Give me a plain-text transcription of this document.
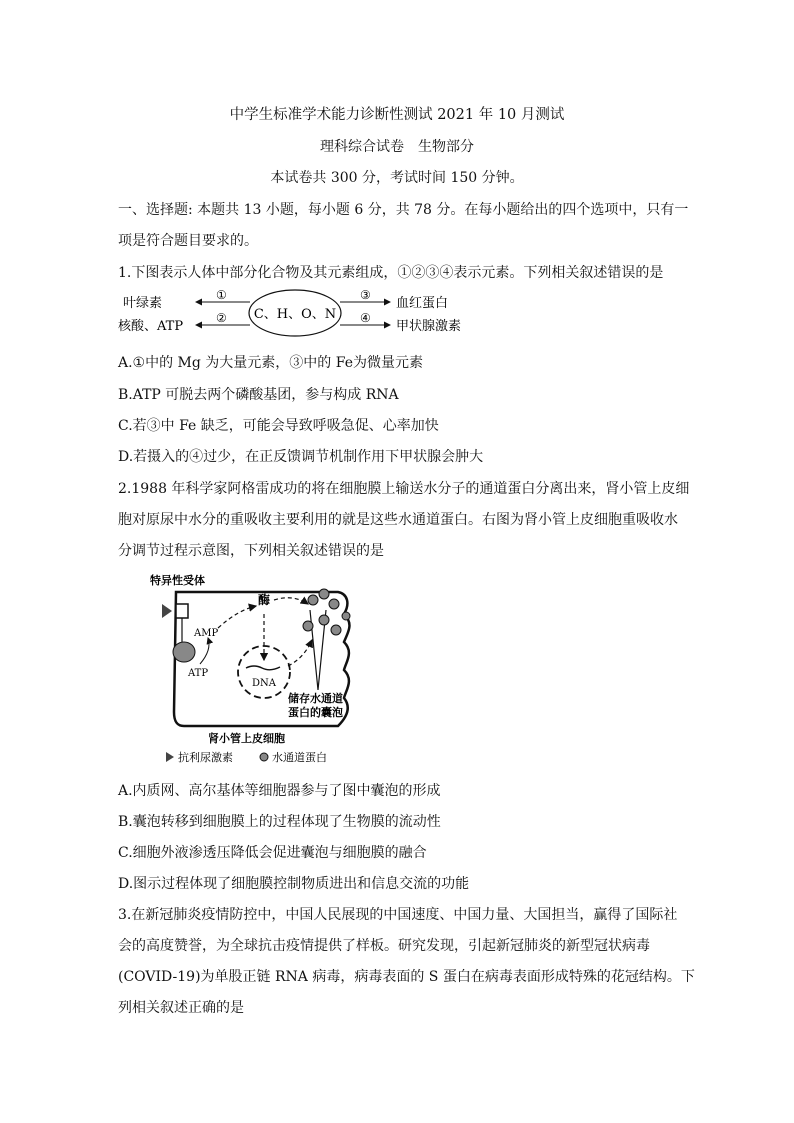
中学生标准学术能力诊断性测试 2021 年 10 月测试
理科综合试卷　生物部分
本试卷共 300 分，考试时间 150 分钟。
一、选择题: 本题共 13 小题，每小题 6 分，共 78 分。在每小题给出的四个选项中，只有一
项是符合题目要求的。
1.下图表示人体中部分化合物及其元素组成，①②③④表示元素。下列相关叙述错误的是
叶绿素
核酸、ATP
①
② C、H、O、N
③
④
血红蛋白
甲状腺激素
A.①中的 Mg 为大量元素，③中的 Fe为微量元素
B.ATP 可脱去两个磷酸基团，参与构成 RNA
C.若③中 Fe 缺乏，可能会导致呼吸急促、心率加快
D.若摄入的④过少，在正反馈调节机制作用下甲状腺会肿大
2.1988 年科学家阿格雷成功的将在细胞膜上输送水分子的通道蛋白分离出来，肾小管上皮细
胞对原尿中水分的重吸收主要利用的就是这些水通道蛋白。右图为肾小管上皮细胞重吸收水
分调节过程示意图，下列相关叙述错误的是
特异性受体
AMP
ATP
酶
DNA
储存水通道
蛋白的囊泡
肾小管上皮细胞
抗利尿激素	水通道蛋白
A.内质网、高尔基体等细胞器参与了图中囊泡的形成
B.囊泡转移到细胞膜上的过程体现了生物膜的流动性
C.细胞外液渗透压降低会促进囊泡与细胞膜的融合
D.图示过程体现了细胞膜控制物质进出和信息交流的功能
3.在新冠肺炎疫情防控中，中国人民展现的中国速度、中国力量、大国担当，赢得了国际社
会的高度赞誉，为全球抗击疫情提供了样板。研究发现，引起新冠肺炎的新型冠状病毒
(COVID-19)为单股正链 RNA 病毒，病毒表面的 S 蛋白在病毒表面形成特殊的花冠结构。下
列相关叙述正确的是
